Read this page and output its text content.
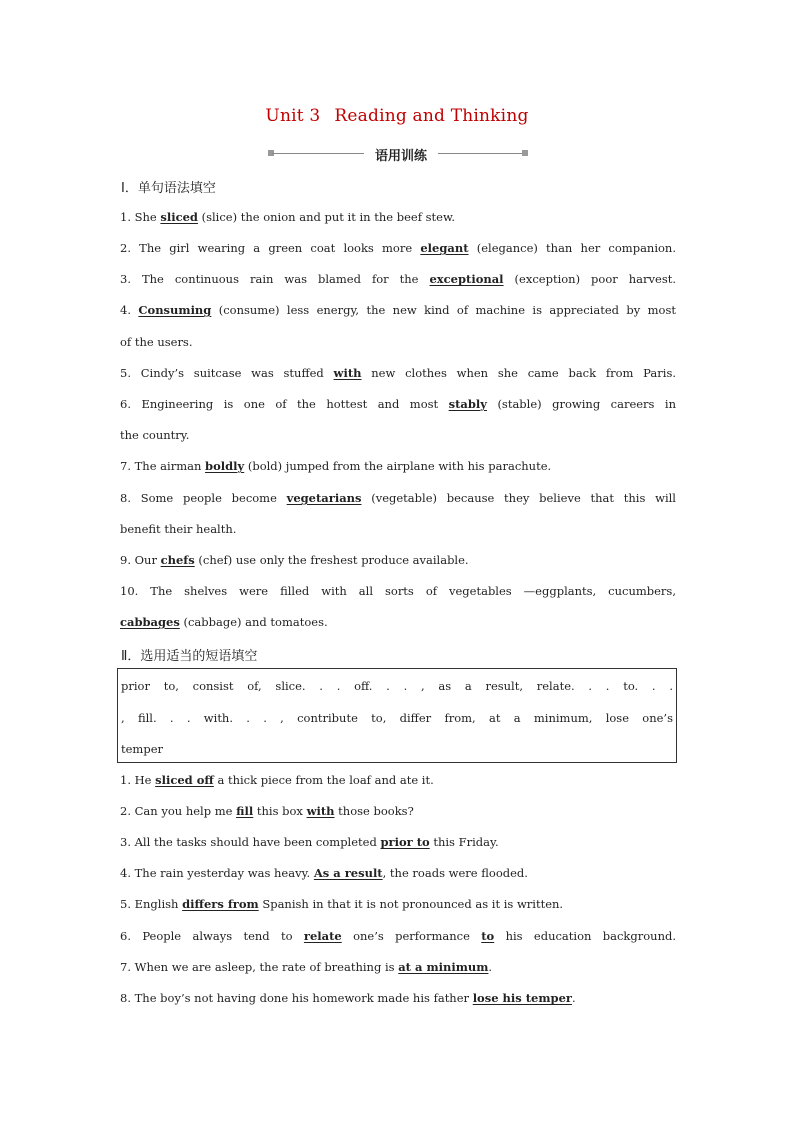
Unit 3 Reading and Thinking
语用训练
Ⅰ．单句语法填空
1. She sliced (slice) the onion and put it in the beef stew.
2. The girl wearing a green coat looks more elegant (elegance) than her companion.
3. The continuous rain was blamed for the exceptional (exception) poor harvest.
4. Consuming (consume) less energy, the new kind of machine is appreciated by most
of the users.
5. Cindy’s suitcase was stuffed with new clothes when she came back from Paris.
6. Engineering is one of the hottest and most stably (stable) growing careers in
the country.
7. The airman boldly (bold) jumped from the airplane with his parachute.
8. Some people become vegetarians (vegetable) because they believe that this will
benefit their health.
9. Our chefs (chef) use only the freshest produce available.
10. The shelves were filled with all sorts of vegetables —eggplants, cucumbers,
cabbages (cabbage) and tomatoes.
Ⅱ．选用适当的短语填空
prior to, consist of, slice. . . off. . . , as a result, relate. . . to. . .
, fill. . . with. . . , contribute to, differ from, at a minimum, lose one’s
temper
1. He sliced off a thick piece from the loaf and ate it.
2. Can you help me fill this box with those books?
3. All the tasks should have been completed prior to this Friday.
4. The rain yesterday was heavy. As a result, the roads were flooded.
5. English differs from Spanish in that it is not pronounced as it is written.
6. People always tend to relate one’s performance to his education background.
7. When we are asleep, the rate of breathing is at a minimum.
8. The boy’s not having done his homework made his father lose his temper.
